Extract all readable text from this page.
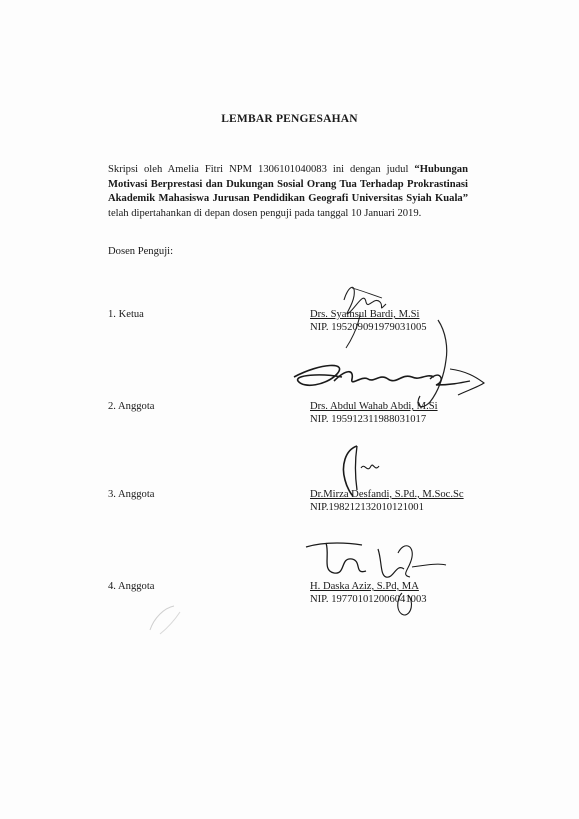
LEMBAR PENGESAHAN
Skripsi oleh Amelia Fitri NPM 1306101040083 ini dengan judul “Hubungan Motivasi Berprestasi dan Dukungan Sosial Orang Tua Terhadap Prokrastinasi Akademik Mahasiswa Jurusan Pendidikan Geografi Universitas Syiah Kuala” telah dipertahankan di depan dosen penguji pada tanggal 10 Januari 2019.
Dosen Penguji:
1. Ketua	Drs. Syamsul Bardi, M.Si
NIP. 195209091979031005
2. Anggota	Drs. Abdul Wahab Abdi, M.Si
NIP. 195912311988031017
3. Anggota	Dr.Mirza Desfandi, S.Pd., M.Soc.Sc
NIP.198212132010121001
4. Anggota	H. Daska Aziz, S.Pd, MA
NIP. 197701012006041003
